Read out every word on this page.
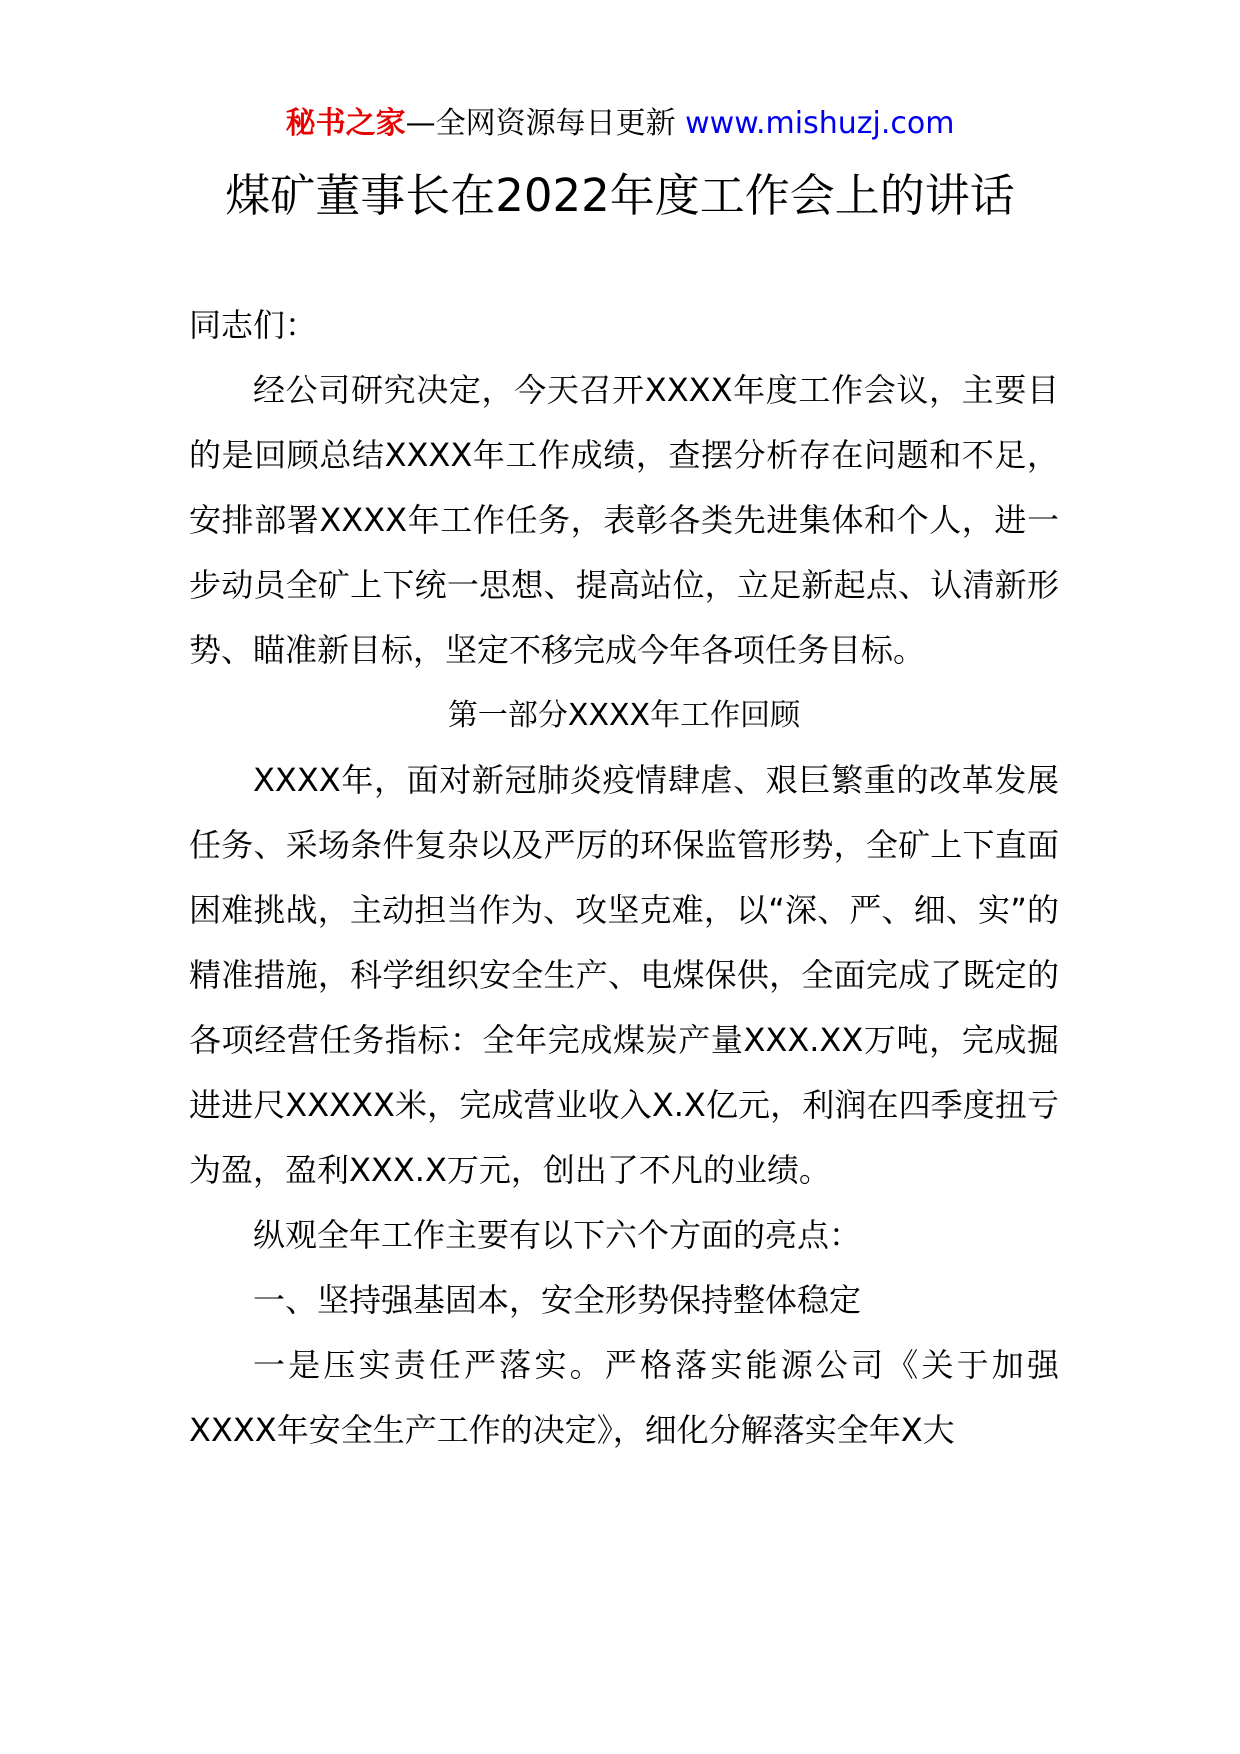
秘书之家—全网资源每日更新 www.mishuzj.com
煤矿董事长在2022年度工作会上的讲话

同志们：

经公司研究决定，今天召开XXXX年度工作会议，主要目的是回顾总结XXXX年工作成绩，查摆分析存在问题和不足，安排部署XXXX年工作任务，表彰各类先进集体和个人，进一步动员全矿上下统一思想、提高站位，立足新起点、认清新形势、瞄准新目标，坚定不移完成今年各项任务目标。

第一部分XXXX年工作回顾

XXXX年，面对新冠肺炎疫情肆虐、艰巨繁重的改革发展任务、采场条件复杂以及严厉的环保监管形势，全矿上下直面困难挑战，主动担当作为、攻坚克难，以“深、严、细、实”的精准措施，科学组织安全生产、电煤保供，全面完成了既定的各项经营任务指标：全年完成煤炭产量XXX.XX万吨，完成掘进进尺XXXXX米，完成营业收入X.X亿元，利润在四季度扭亏为盈，盈利XXX.X万元，创出了不凡的业绩。

纵观全年工作主要有以下六个方面的亮点：

一、坚持强基固本，安全形势保持整体稳定

一是压实责任严落实。严格落实能源公司《关于加强XXXX年安全生产工作的决定》，细化分解落实全年X大
